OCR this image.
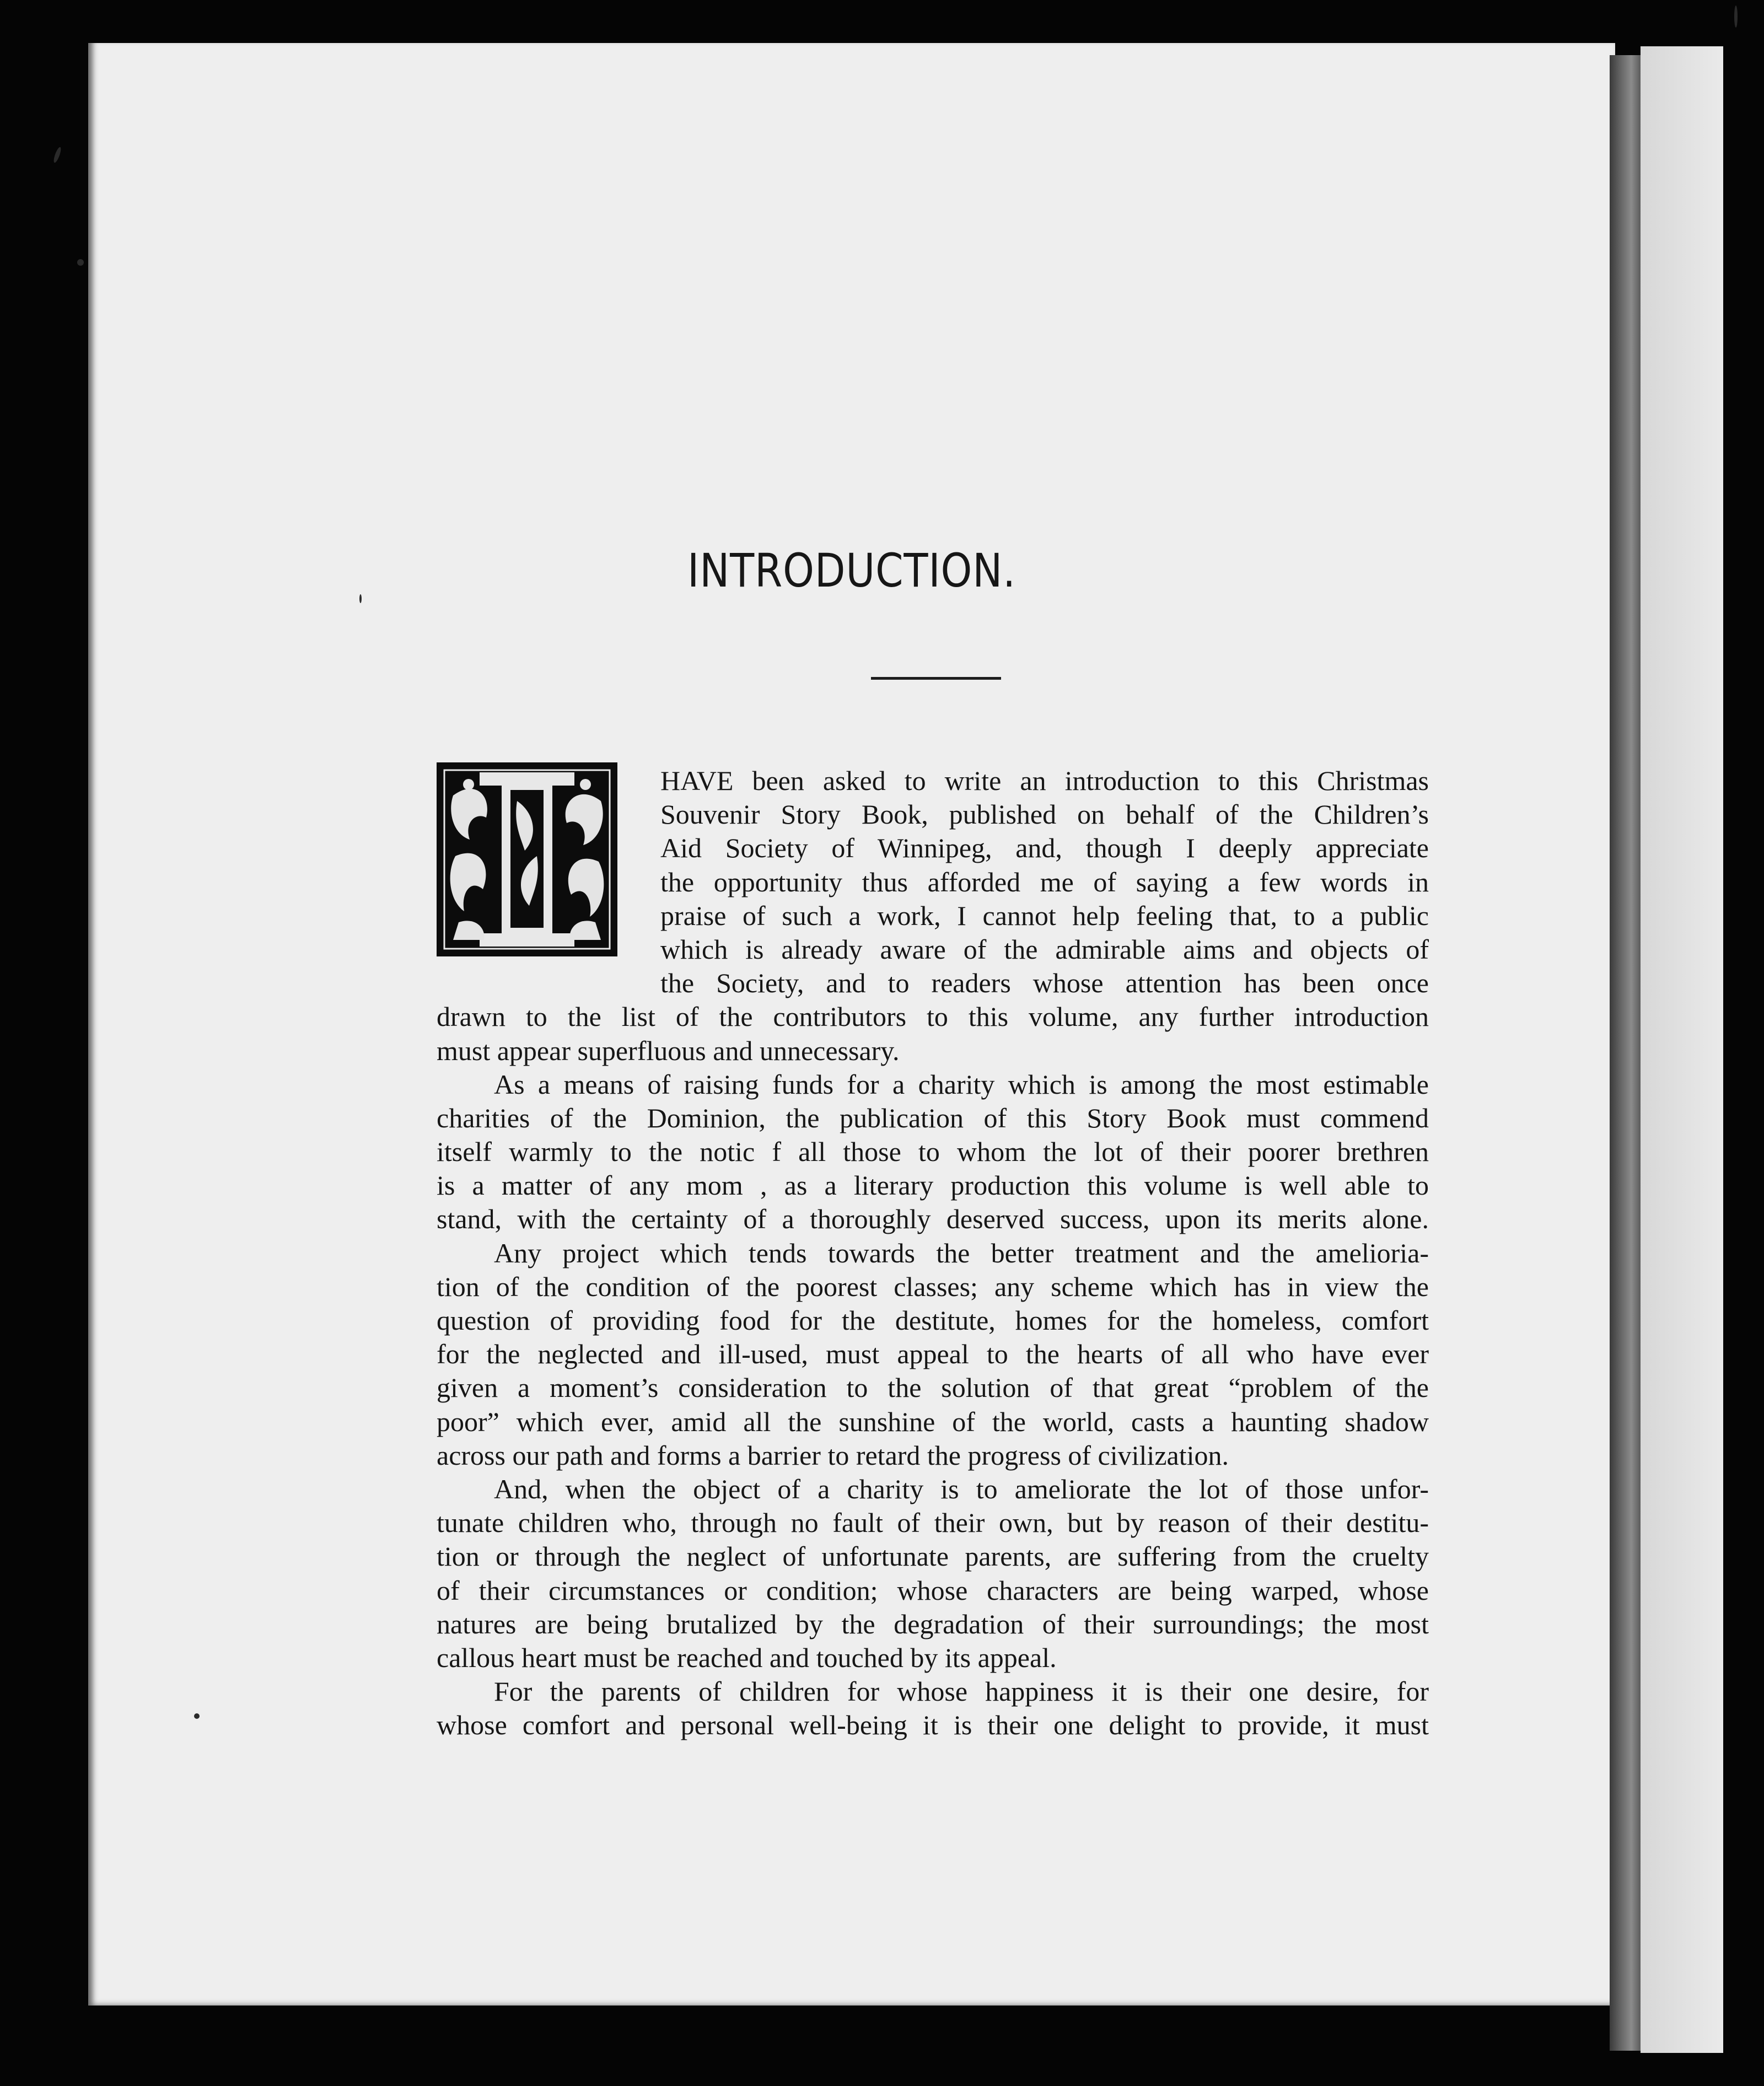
INTRODUCTION.
HAVE been asked to write an introduction to this Christmas
Souvenir Story Book, published on behalf of the Children’s
Aid Society of Winnipeg, and, though I deeply appreciate
the opportunity thus afforded me of saying a few words in
praise of such a work, I cannot help feeling that, to a public
which is already aware of the admirable aims and objects of
the Society, and to readers whose attention has been once
drawn to the list of the contributors to this volume, any further introduction
must appear superfluous and unnecessary.
As a means of raising funds for a charity which is among the most estimable
charities of the Dominion, the publication of this Story Book must commend
itself warmly to the notic f all those to whom the lot of their poorer brethren
is a matter of any mom , as a literary production this volume is well able to
stand, with the certainty of a thoroughly deserved success, upon its merits alone.
Any project which tends towards the better treatment and the amelioria-
tion of the condition of the poorest classes; any scheme which has in view the
question of providing food for the destitute, homes for the homeless, comfort
for the neglected and ill-used, must appeal to the hearts of all who have ever
given a moment’s consideration to the solution of that great “problem of the
poor” which ever, amid all the sunshine of the world, casts a haunting shadow
across our path and forms a barrier to retard the progress of civilization.
And, when the object of a charity is to ameliorate the lot of those unfor-
tunate children who, through no fault of their own, but by reason of their destitu-
tion or through the neglect of unfortunate parents, are suffering from the cruelty
of their circumstances or condition; whose characters are being warped, whose
natures are being brutalized by the degradation of their surroundings; the most
callous heart must be reached and touched by its appeal.
For the parents of children for whose happiness it is their one desire, for
whose comfort and personal well-being it is their one delight to provide, it must
